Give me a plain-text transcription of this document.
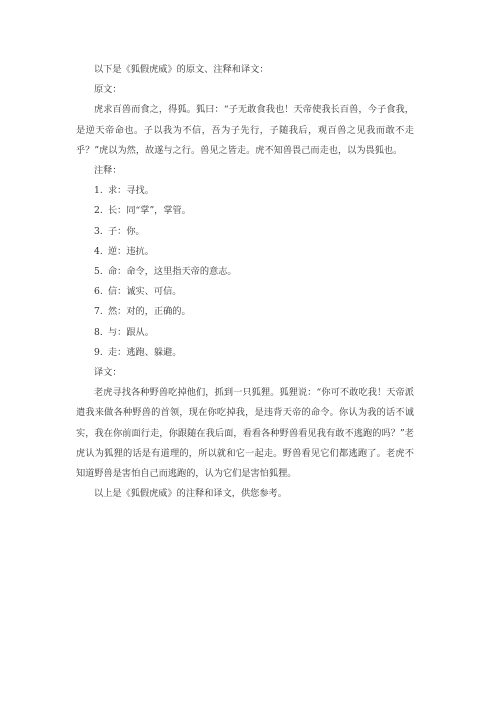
以下是《狐假虎威》的原文、注释和译文：

原文：

虎求百兽而食之，得狐。狐曰：“子无敢食我也！天帝使我长百兽，今子食我，是逆天帝命也。子以我为不信，吾为子先行，子随我后，观百兽之见我而敢不走乎？”虎以为然，故遂与之行。兽见之皆走。虎不知兽畏己而走也，以为畏狐也。

注释：

1. 求：寻找。
2. 长：同“掌”，掌管。
3. 子：你。
4. 逆：违抗。
5. 命：命令，这里指天帝的意志。
6. 信：诚实、可信。
7. 然：对的，正确的。
8. 与：跟从。
9. 走：逃跑、躲避。

译文：

老虎寻找各种野兽吃掉他们，抓到一只狐狸。狐狸说：“你可不敢吃我！天帝派遣我来做各种野兽的首领，现在你吃掉我，是违背天帝的命令。你认为我的话不诚实，我在你前面行走，你跟随在我后面，看看各种野兽看见我有敢不逃跑的吗？”老虎认为狐狸的话是有道理的，所以就和它一起走。野兽看见它们都逃跑了。老虎不知道野兽是害怕自己而逃跑的，认为它们是害怕狐狸。

以上是《狐假虎威》的注释和译文，供您参考。
